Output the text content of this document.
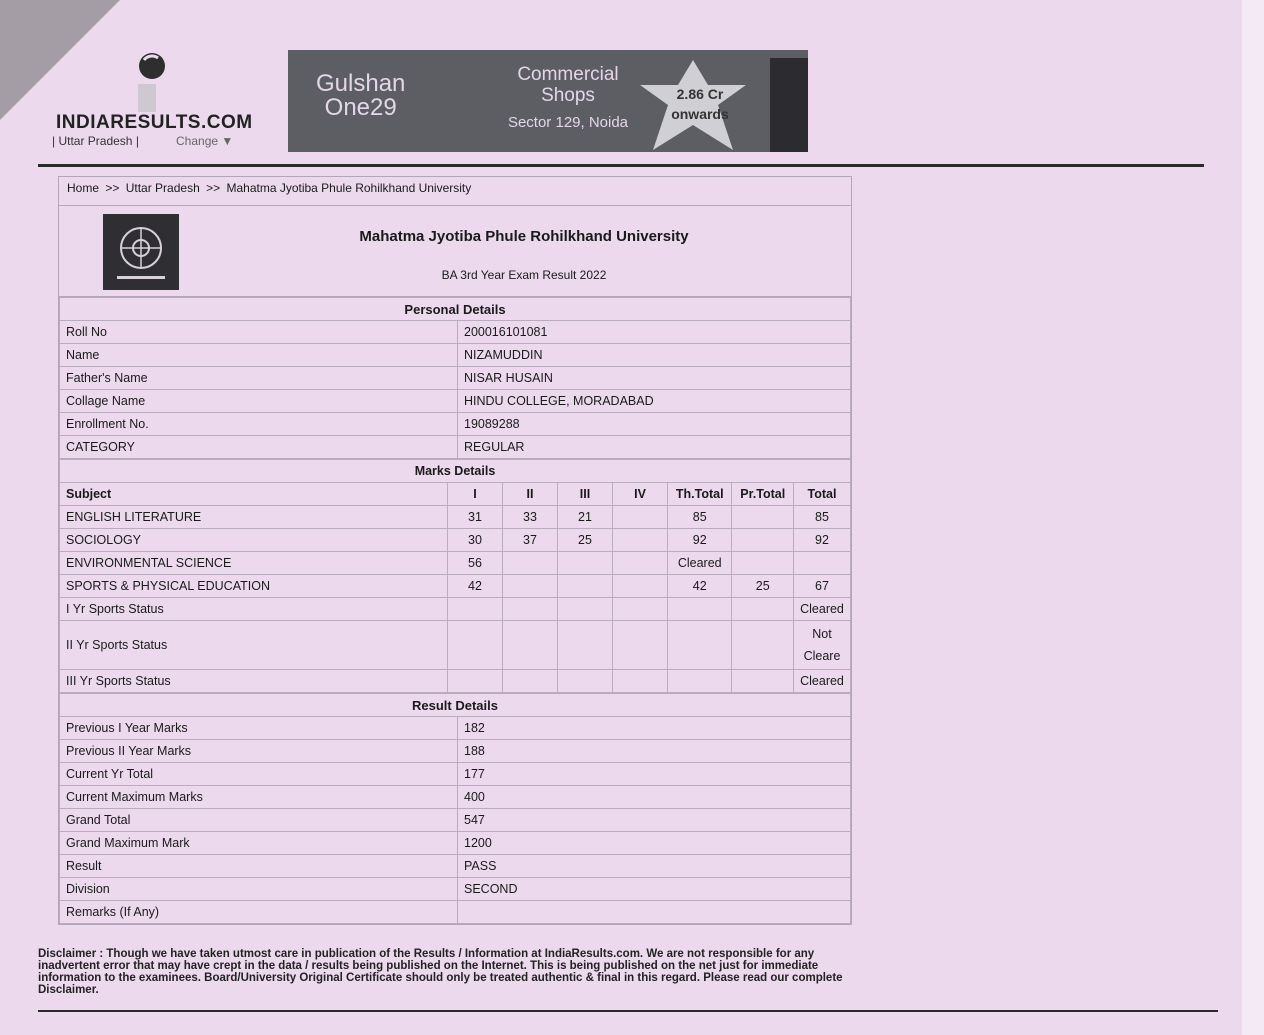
INDIARESULTS.COM
| Uttar Pradesh |	Change ▼
Gulshan
One29
Commercial
Shops
Sector 129, Noida
2.86 Cr
onwards
Home >> Uttar Pradesh >> Mahatma Jyotiba Phule Rohilkhand University
Mahatma Jyotiba Phule Rohilkhand University
BA 3rd Year Exam Result 2022
Personal Details	
Roll No	200016101081
Name	NIZAMUDDIN
Father's Name	NISAR HUSAIN
Collage Name	HINDU COLLEGE, MORADABAD
Enrollment No.	19089288
CATEGORY	REGULAR
Marks Details							
Subject	I	II	III	IV	Th.Total	Pr.Total	Total
ENGLISH LITERATURE	31	33	21		85		85
SOCIOLOGY	30	37	25		92		92
ENVIRONMENTAL SCIENCE	56				Cleared		
SPORTS & PHYSICAL EDUCATION	42				42	25	67
I Yr Sports Status							Cleared
II Yr Sports Status							Not Cleare
III Yr Sports Status							Cleared
Result Details	
Previous I Year Marks	182
Previous II Year Marks	188
Current Yr Total	177
Current Maximum Marks	400
Grand Total	547
Grand Maximum Mark	1200
Result	PASS
Division	SECOND
Remarks (If Any)	
Disclaimer : Though we have taken utmost care in publication of the Results / Information at IndiaResults.com. We are not responsible for any inadvertent error that may have crept in the data / results being published on the Internet. This is being published on the net just for immediate information to the examinees. Board/University Original Certificate should only be treated authentic & final in this regard. Please read our complete Disclaimer.
